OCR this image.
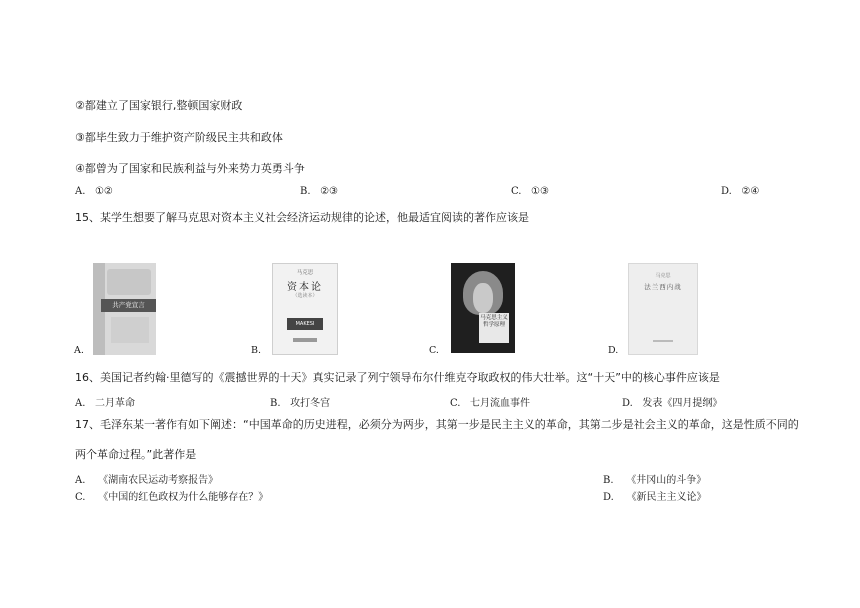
②都建立了国家银行,整顿国家财政
③都毕生致力于维护资产阶级民主共和政体
④都曾为了国家和民族利益与外来势力英勇斗争
A. ①②	B. ②③	C. ①③	D. ②④
15、某学生想要了解马克思对资本主义社会经济运动规律的论述，他最适宜阅读的著作应该是
A.
共产党宣言
B.
马克思
资本论
（选读本）
MAKESI
C.
马克思主义哲学原理
D.
马克思
法兰西内战
16、美国记者约翰·里德写的《震撼世界的十天》真实记录了列宁领导布尔什维克夺取政权的伟大壮举。这“十天”中的核心事件应该是
A. 二月革命	B. 攻打冬宫	C. 七月流血事件	D. 发表《四月提纲》
17、毛泽东某一著作有如下阐述：“中国革命的历史进程，必须分为两步，其第一步是民主主义的革命，其第二步是社会主义的革命，这是性质不同的
两个革命过程。”此著作是
A. 《湖南农民运动考察报告》	B. 《井冈山的斗争》
C. 《中国的红色政权为什么能够存在？》	D. 《新民主主义论》
